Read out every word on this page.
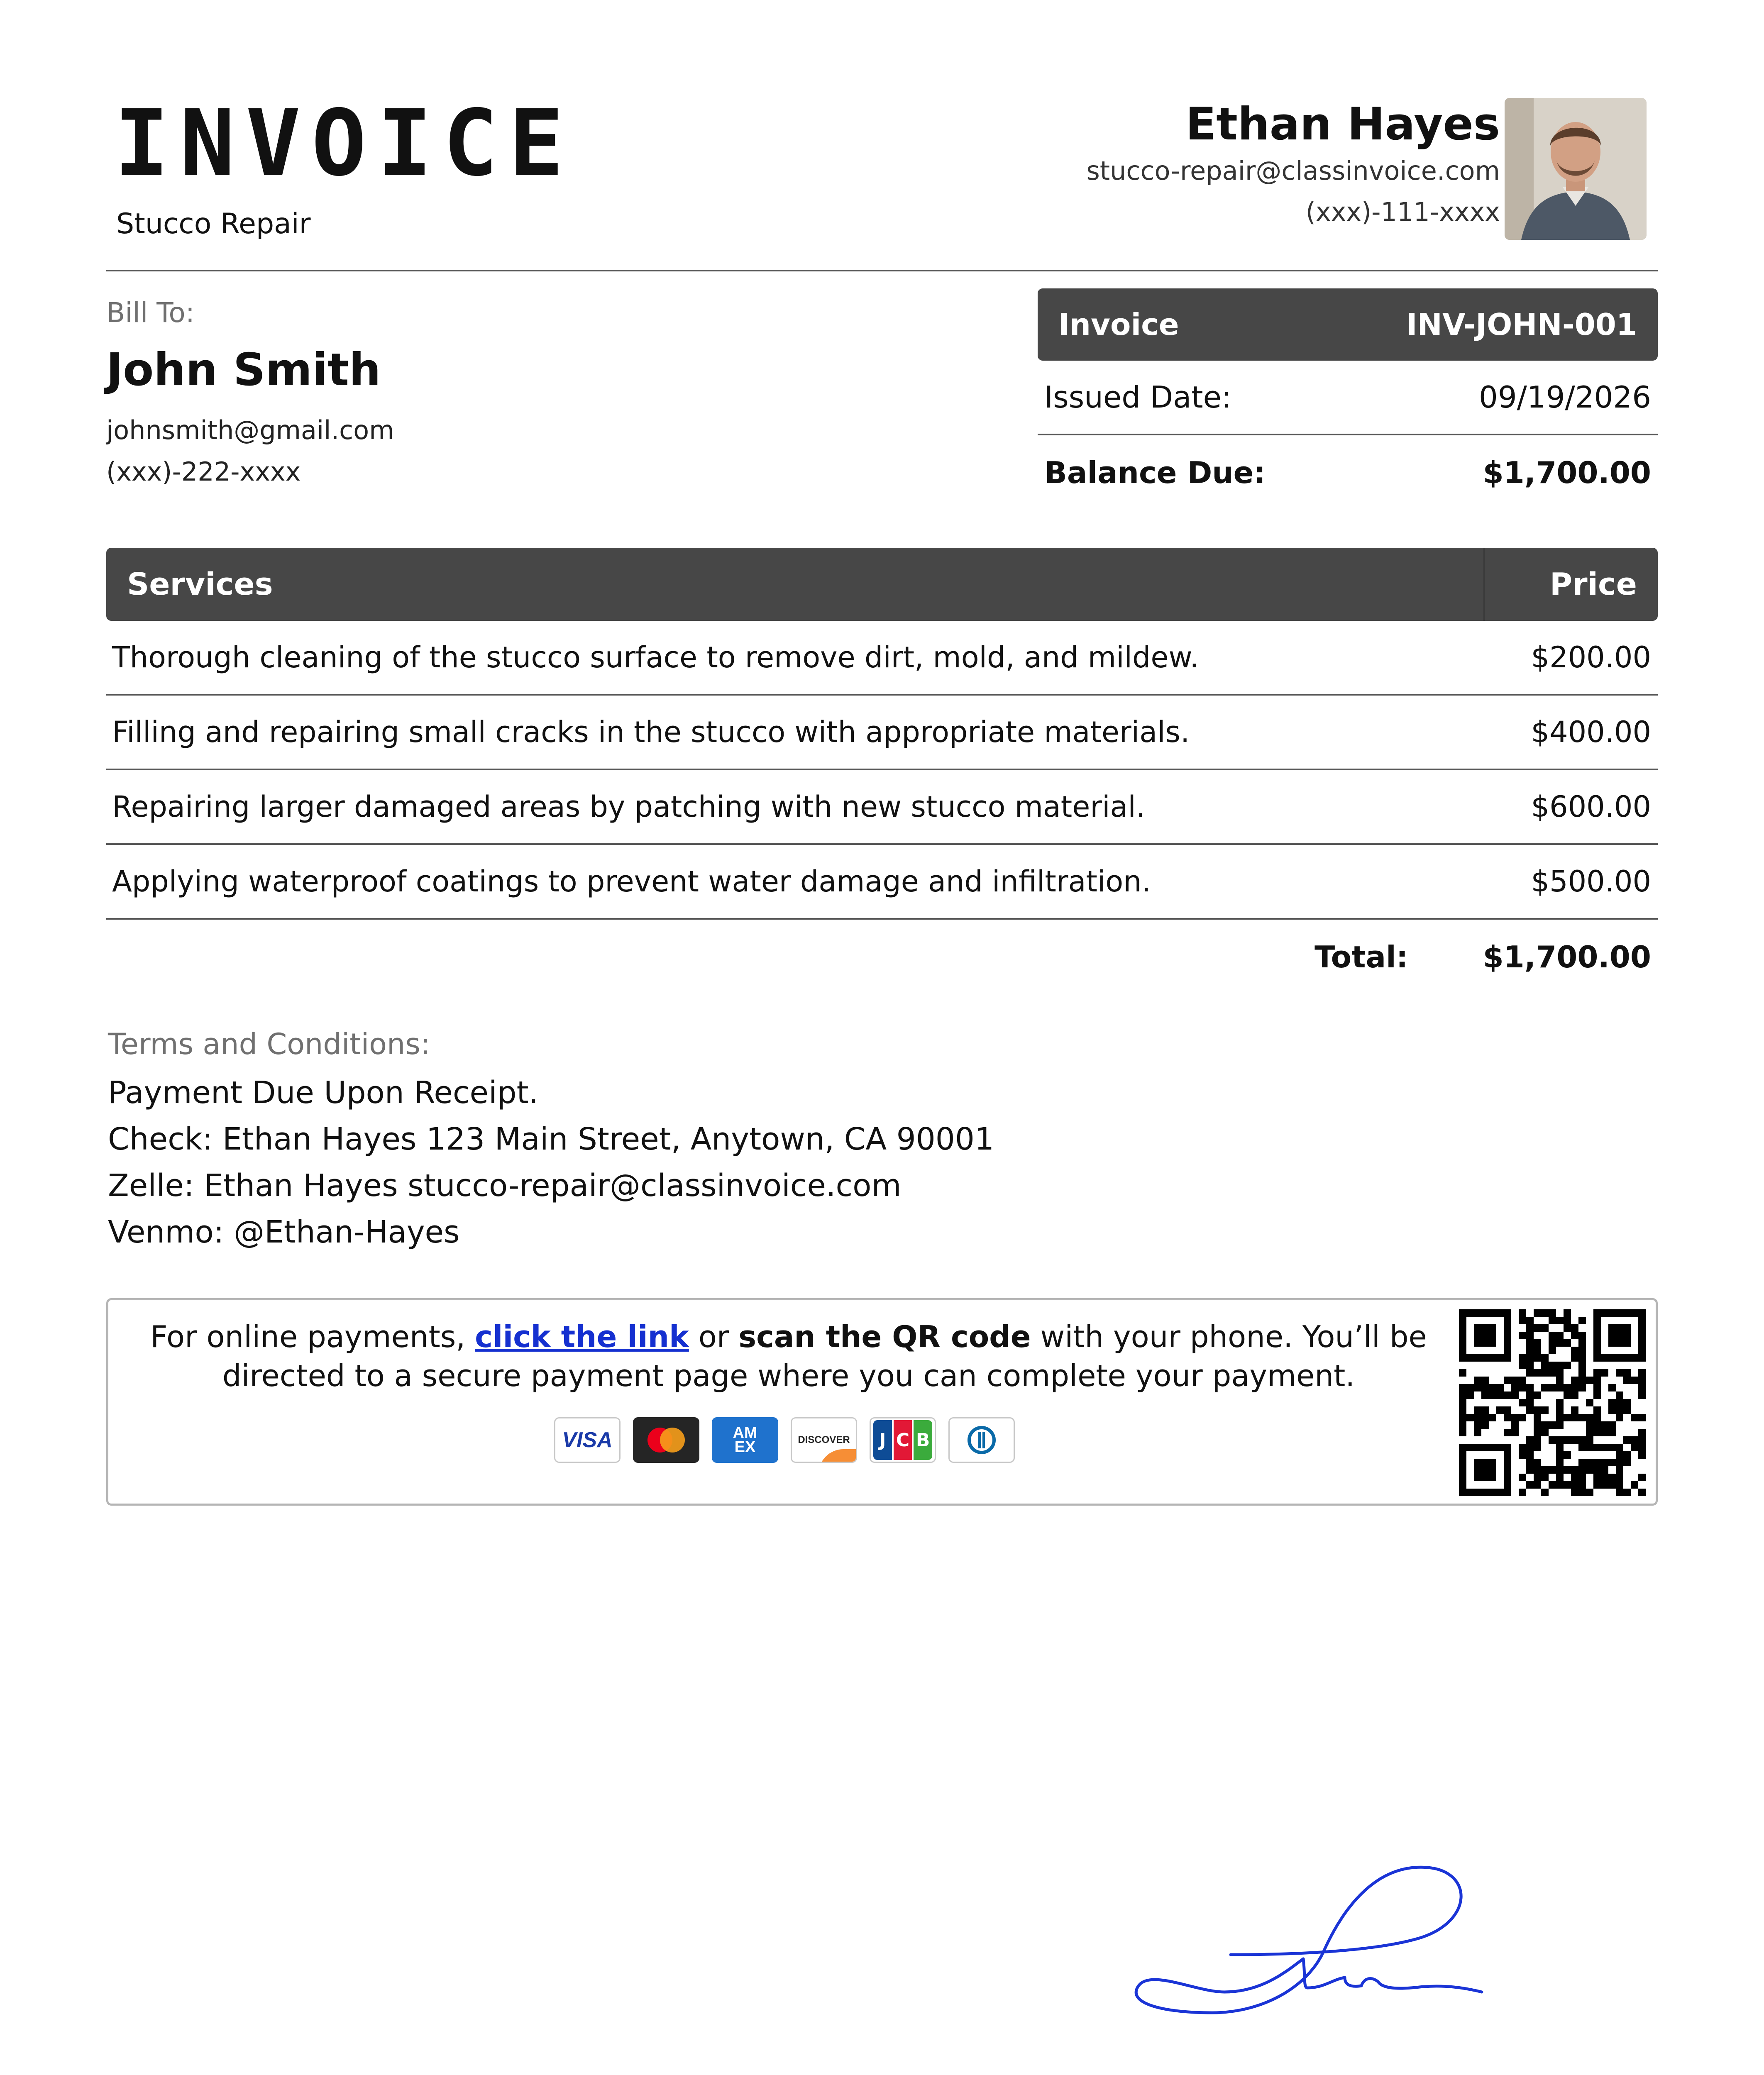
INVOICE
Stucco Repair
Ethan Hayes
stucco-repair@classinvoice.com
(xxx)-111-xxxx
Bill To:
John Smith
johnsmith@gmail.com
(xxx)-222-xxxx
Invoice	INV-JOHN-001
Issued Date:	09/19/2026
Balance Due:	$1,700.00
Services	Price
Thorough cleaning of the stucco surface to remove dirt, mold, and mildew.	$200.00
Filling and repairing small cracks in the stucco with appropriate materials.	$400.00
Repairing larger damaged areas by patching with new stucco material.	$600.00
Applying waterproof coatings to prevent water damage and infiltration.	$500.00
Total:	$1,700.00
Terms and Conditions:
Payment Due Upon Receipt.
Check: Ethan Hayes 123 Main Street, Anytown, CA 90001
Zelle: Ethan Hayes stucco-repair@classinvoice.com
Venmo: @Ethan-Hayes
For online payments, click the link or scan the QR code with your phone. You’ll be directed to a secure payment page where you can complete your payment.
VISA	AM EX	DISCOVER	J C B
